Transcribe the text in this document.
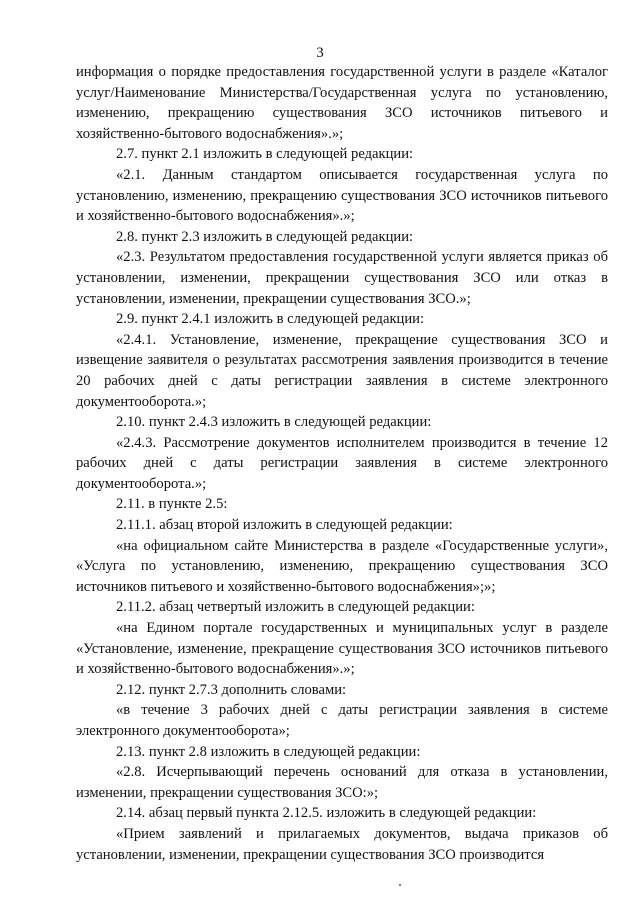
3

информация о порядке предоставления государственной услуги в разделе «Каталог услуг/Наименование Министерства/Государственная услуга по установлению, изменению, прекращению существования ЗСО источников питьевого и хозяйственно-бытового водоснабжения».»;

2.7. пункт 2.1 изложить в следующей редакции:

«2.1. Данным стандартом описывается государственная услуга по установлению, изменению, прекращению существования ЗСО источников питьевого и хозяйственно-бытового водоснабжения».»;

2.8. пункт 2.3 изложить в следующей редакции:

«2.3. Результатом предоставления государственной услуги является приказ об установлении, изменении, прекращении существования ЗСО или отказ в установлении, изменении, прекращении существования ЗСО.»;

2.9. пункт 2.4.1 изложить в следующей редакции:

«2.4.1. Установление, изменение, прекращение существования ЗСО и извещение заявителя о результатах рассмотрения заявления производится в течение 20 рабочих дней с даты регистрации заявления в системе электронного документооборота.»;

2.10. пункт 2.4.3 изложить в следующей редакции:

«2.4.3. Рассмотрение документов исполнителем производится в течение 12 рабочих дней с даты регистрации заявления в системе электронного документооборота.»;

2.11. в пункте 2.5:

2.11.1. абзац второй изложить в следующей редакции:

«на официальном сайте Министерства в разделе «Государственные услуги», «Услуга по установлению, изменению, прекращению существования ЗСО источников питьевого и хозяйственно-бытового водоснабжения»;»;

2.11.2. абзац четвертый изложить в следующей редакции:

«на Едином портале государственных и муниципальных услуг в разделе «Установление, изменение, прекращение существования ЗСО источников питьевого и хозяйственно-бытового водоснабжения».»;

2.12. пункт 2.7.3 дополнить словами:

«в течение 3 рабочих дней с даты регистрации заявления в системе электронного документооборота»;

2.13. пункт 2.8 изложить в следующей редакции:

«2.8. Исчерпывающий перечень оснований для отказа в установлении, изменении, прекращении существования ЗСО:»;

2.14. абзац первый пункта 2.12.5. изложить в следующей редакции:

«Прием заявлений и прилагаемых документов, выдача приказов об установлении, изменении, прекращении существования ЗСО производится
